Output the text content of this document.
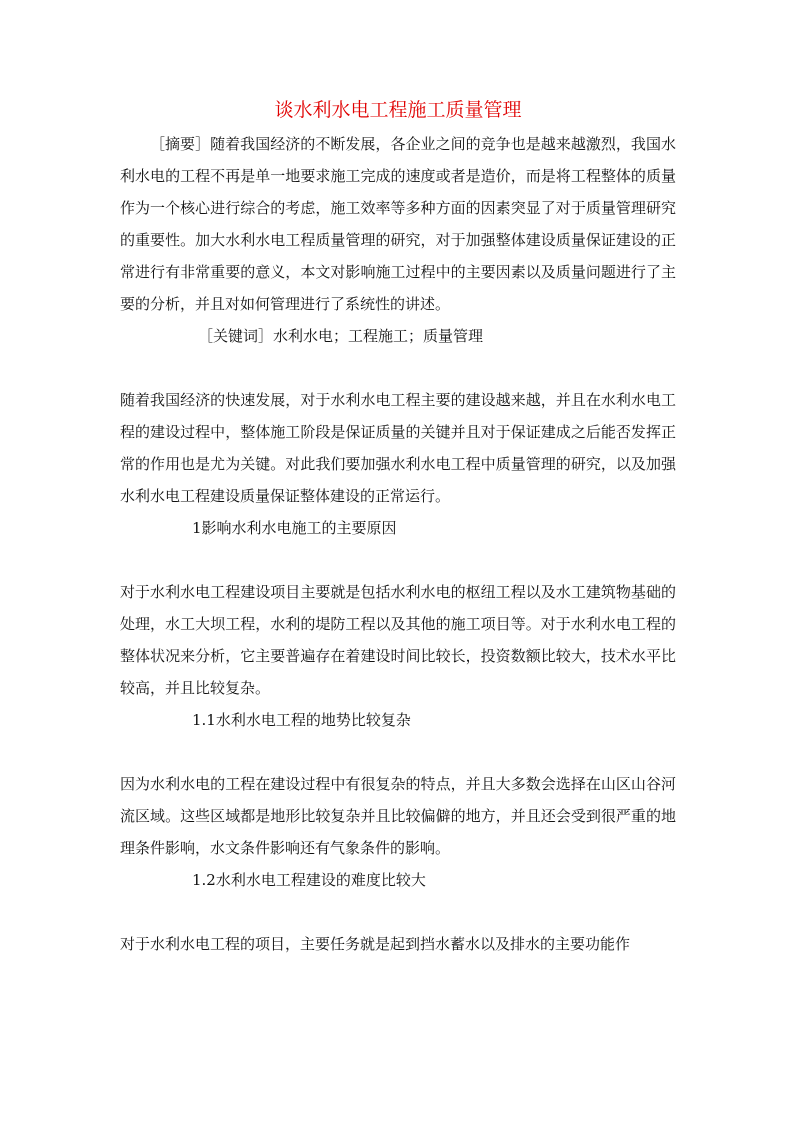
谈水利水电工程施工质量管理

［摘要］随着我国经济的不断发展，各企业之间的竞争也是越来越激烈，我国水利水电的工程不再是单一地要求施工完成的速度或者是造价，而是将工程整体的质量作为一个核心进行综合的考虑，施工效率等多种方面的因素突显了对于质量管理研究的重要性。加大水利水电工程质量管理的研究，对于加强整体建设质量保证建设的正常进行有非常重要的意义，本文对影响施工过程中的主要因素以及质量问题进行了主要的分析，并且对如何管理进行了系统性的讲述。

［关键词］水利水电；工程施工；质量管理

随着我国经济的快速发展，对于水利水电工程主要的建设越来越，并且在水利水电工程的建设过程中，整体施工阶段是保证质量的关键并且对于保证建成之后能否发挥正常的作用也是尤为关键。对此我们要加强水利水电工程中质量管理的研究，以及加强水利水电工程建设质量保证整体建设的正常运行。

1影响水利水电施工的主要原因

对于水利水电工程建设项目主要就是包括水利水电的枢纽工程以及水工建筑物基础的处理，水工大坝工程，水利的堤防工程以及其他的施工项目等。对于水利水电工程的整体状况来分析，它主要普遍存在着建设时间比较长，投资数额比较大，技术水平比较高，并且比较复杂。

1.1水利水电工程的地势比较复杂

因为水利水电的工程在建设过程中有很复杂的特点，并且大多数会选择在山区山谷河流区域。这些区域都是地形比较复杂并且比较偏僻的地方，并且还会受到很严重的地理条件影响，水文条件影响还有气象条件的影响。

1.2水利水电工程建设的难度比较大

对于水利水电工程的项目，主要任务就是起到挡水蓄水以及排水的主要功能作
